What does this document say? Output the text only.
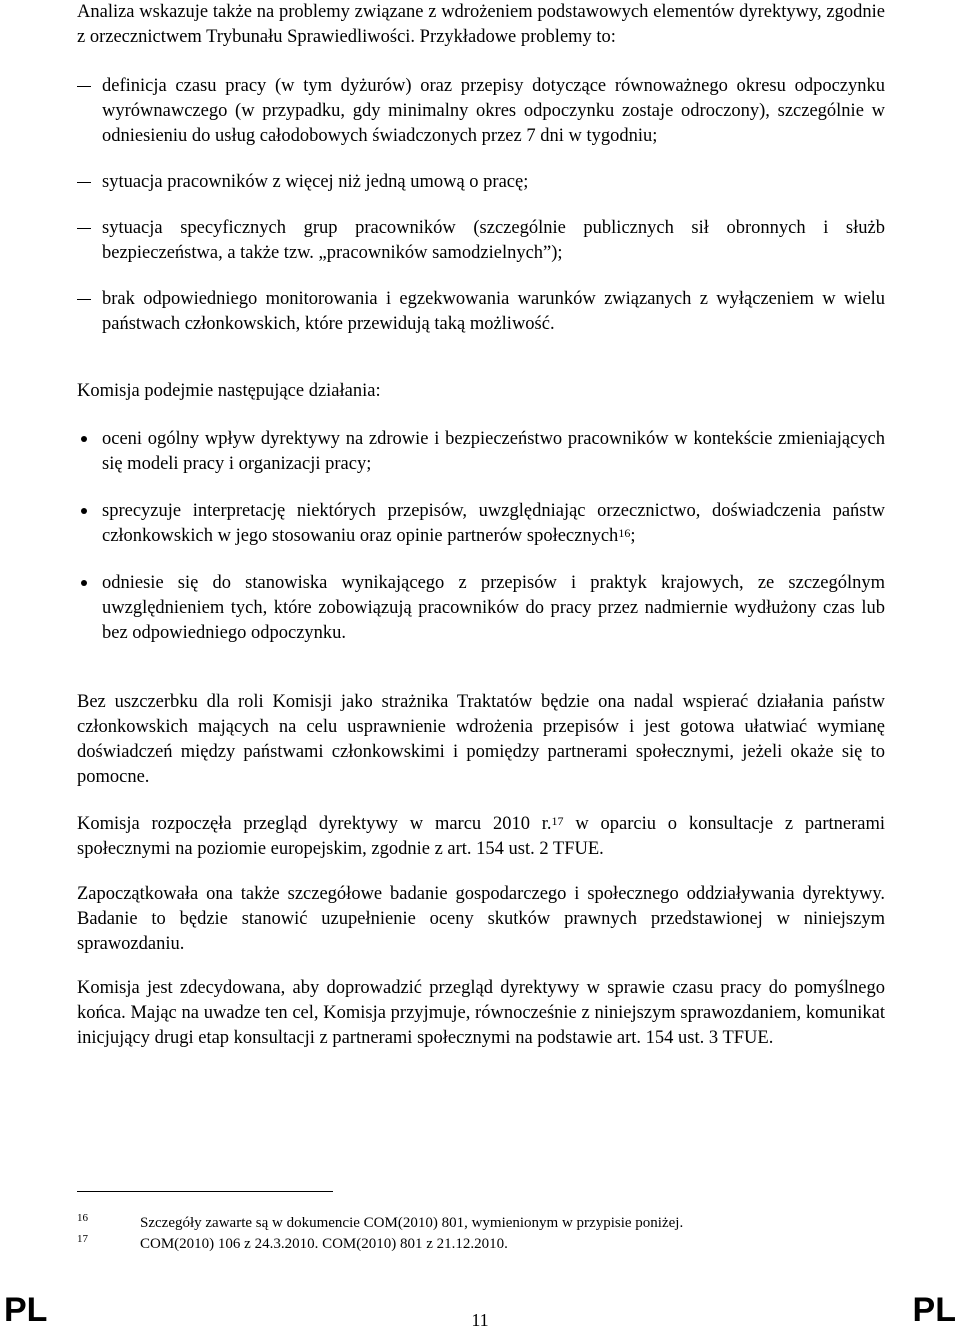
Analiza wskazuje także na problemy związane z wdrożeniem podstawowych elementów dyrektywy, zgodnie z orzecznictwem Trybunału Sprawiedliwości. Przykładowe problemy to:

definicja czasu pracy (w tym dyżurów) oraz przepisy dotyczące równoważnego okresu odpoczynku wyrównawczego (w przypadku, gdy minimalny okres odpoczynku zostaje odroczony), szczególnie w odniesieniu do usług całodobowych świadczonych przez 7 dni w tygodniu;
sytuacja pracowników z więcej niż jedną umową o pracę;
sytuacja specyficznych grup pracowników (szczególnie publicznych sił obronnych i służb bezpieczeństwa, a także tzw. „pracowników samodzielnych”);
brak odpowiedniego monitorowania i egzekwowania warunków związanych z wyłączeniem w wielu państwach członkowskich, które przewidują taką możliwość.

Komisja podejmie następujące działania:

oceni ogólny wpływ dyrektywy na zdrowie i bezpieczeństwo pracowników w kontekście zmieniających się modeli pracy i organizacji pracy;
sprecyzuje interpretację niektórych przepisów, uwzględniając orzecznictwo, doświadczenia państw członkowskich w jego stosowaniu oraz opinie partnerów społecznych$^{16}$;
odniesie się do stanowiska wynikającego z przepisów i praktyk krajowych, ze szczególnym uwzględnieniem tych, które zobowiązują pracowników do pracy przez nadmiernie wydłużony czas lub bez odpowiedniego odpoczynku.

Bez uszczerbku dla roli Komisji jako strażnika Traktatów będzie ona nadal wspierać działania państw członkowskich mających na celu usprawnienie wdrożenia przepisów i jest gotowa ułatwiać wymianę doświadczeń między państwami członkowskimi i pomiędzy partnerami społecznymi, jeżeli okaże się to pomocne.

Komisja rozpoczęła przegląd dyrektywy w marcu 2010 r.$^{17}$ w oparciu o konsultacje z partnerami społecznymi na poziomie europejskim, zgodnie z art. 154 ust. 2 TFUE.

Zapoczątkowała ona także szczegółowe badanie gospodarczego i społecznego oddziaływania dyrektywy. Badanie to będzie stanowić uzupełnienie oceny skutków prawnych przedstawionej w niniejszym sprawozdaniu.

Komisja jest zdecydowana, aby doprowadzić przegląd dyrektywy w sprawie czasu pracy do pomyślnego końca. Mając na uwadze ten cel, Komisja przyjmuje, równocześnie z niniejszym sprawozdaniem, komunikat inicjujący drugi etap konsultacji z partnerami społecznymi na podstawie art. 154 ust. 3 TFUE.

16	Szczegóły zawarte są w dokumencie COM(2010) 801, wymienionym w przypisie poniżej.
17	COM(2010) 106 z 24.3.2010. COM(2010) 801 z 21.12.2010.
PL	11	PL
